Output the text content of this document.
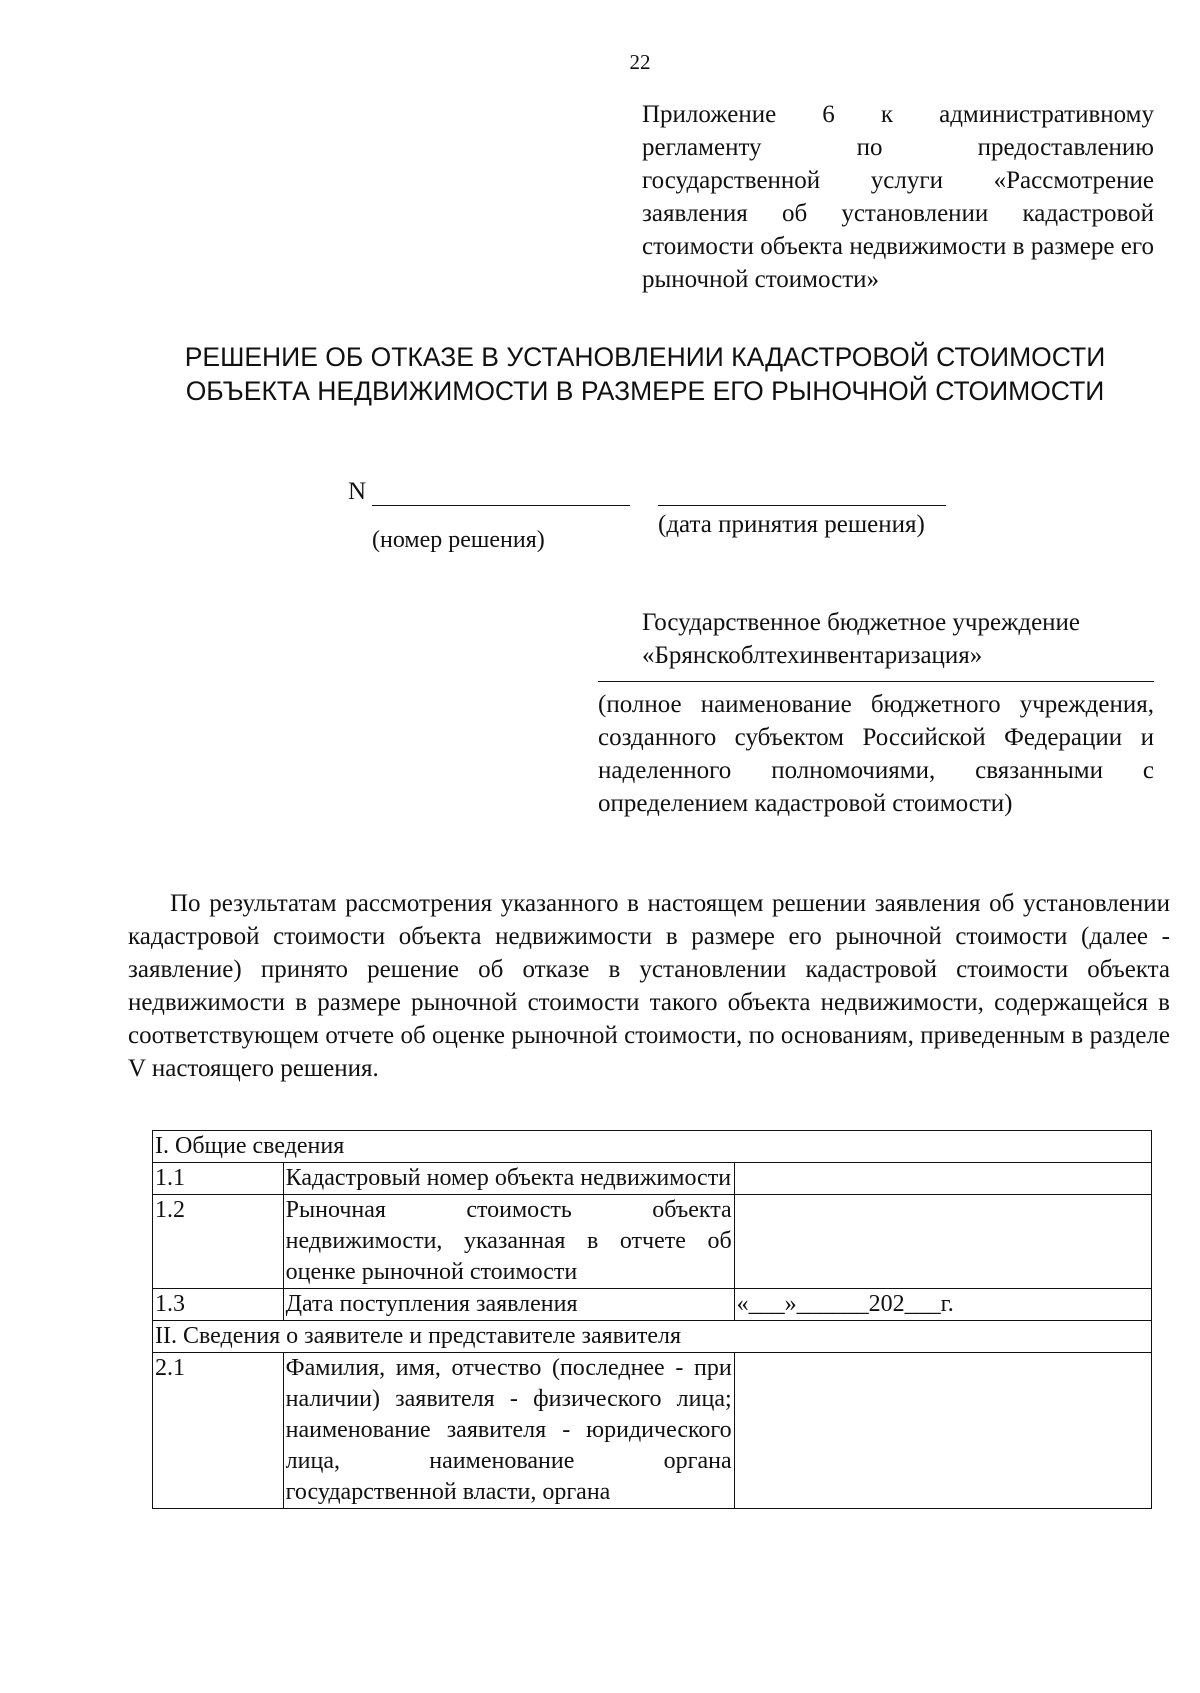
22
Приложение 6 к административному регламенту по предоставлению государственной услуги «Рассмотрение заявления об установлении кадастровой стоимости объекта недвижимости в размере его рыночной стоимости»
РЕШЕНИЕ ОБ ОТКАЗЕ В УСТАНОВЛЕНИИ КАДАСТРОВОЙ СТОИМОСТИ
ОБЪЕКТА НЕДВИЖИМОСТИ В РАЗМЕРЕ ЕГО РЫНОЧНОЙ СТОИМОСТИ
N
(номер решения)
(дата принятия решения)
Государственное бюджетное учреждение
«Брянскоблтехинвентаризация»
(полное наименование бюджетного учреждения, созданного субъектом Российской Федерации и наделенного полномочиями, связанными с определением кадастровой стоимости)

По результатам рассмотрения указанного в настоящем решении заявления об установлении кадастровой стоимости объекта недвижимости в размере его рыночной стоимости (далее - заявление) принято решение об отказе в установлении кадастровой стоимости объекта недвижимости в размере рыночной стоимости такого объекта недвижимости, содержащейся в соответствующем отчете об оценке рыночной стоимости, по основаниям, приведенным в разделе V настоящего решения.

I. Общие сведения		
1.1	Кадастровый номер объекта недвижимости	
1.2	Рыночная стоимость объекта недвижимости, указанная в отчете об оценке рыночной стоимости	
1.3	Дата поступления заявления	«___»______202___г.
II. Сведения о заявителе и представителе заявителя		
2.1	Фамилия, имя, отчество (последнее - при наличии) заявителя - физического лица; наименование заявителя - юридического лица, наименование органа государственной власти, органа	
